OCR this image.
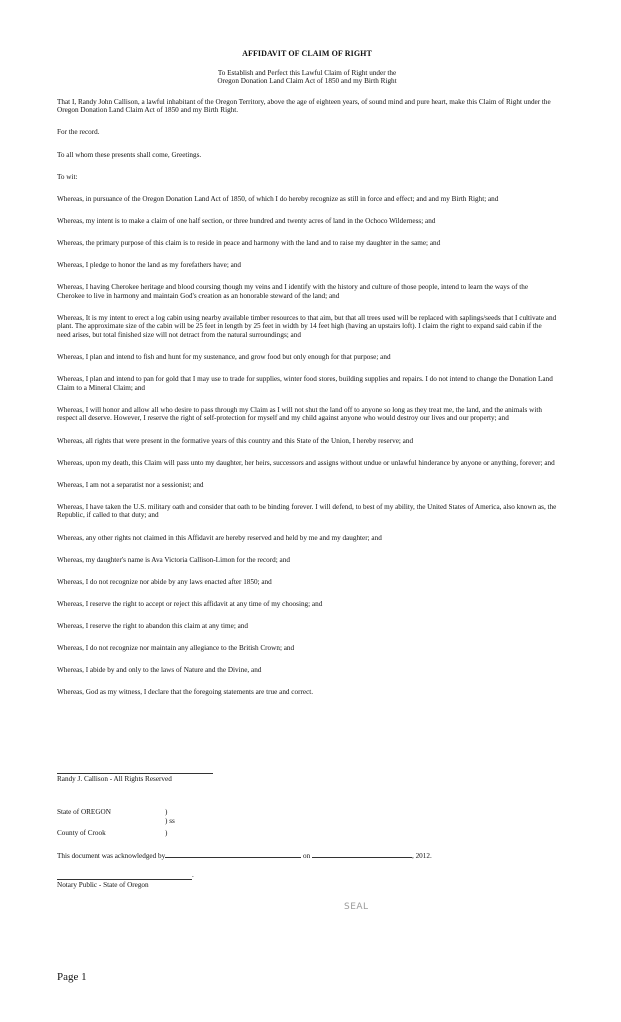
AFFIDAVIT OF CLAIM OF RIGHT
To Establish and Perfect this Lawful Claim of Right under the
Oregon Donation Land Claim Act of 1850 and my Birth Right
That I, Randy John Callison, a lawful inhabitant of the Oregon Territory, above the age of eighteen years, of sound mind and pure heart, make this Claim of Right under the Oregon Donation Land Claim Act of 1850 and my Birth Right.
For the record.
To all whom these presents shall come, Greetings.
To wit:
Whereas, in pursuance of the Oregon Donation Land Act of 1850, of which I do hereby recognize as still in force and effect; and and my Birth Right; and
Whereas, my intent is to make a claim of one half section, or three hundred and twenty acres of land in the Ochoco Wilderness; and
Whereas, the primary purpose of this claim is to reside in peace and harmony with the land and to raise my daughter in the same; and
Whereas, I pledge to honor the land as my forefathers have; and
Whereas, I having Cherokee heritage and blood coursing though my veins and I identify with the history and culture of those people, intend to learn the ways of the Cherokee to live in harmony and maintain God's creation as an honorable steward of the land; and
Whereas, It is my intent to erect a log cabin using nearby available timber resources to that aim, but that all trees used will be replaced with saplings/seeds that I cultivate and plant. The approximate size of the cabin will be 25 feet in length by 25 feet in width by 14 feet high (having an upstairs loft). I claim the right to expand said cabin if the need arises, but total finished size will not detract from the natural surroundings; and
Whereas, I plan and intend to fish and hunt for my sustenance, and grow food but only enough for that purpose; and
Whereas, I plan and intend to pan for gold that I may use to trade for supplies, winter food stores, building supplies and repairs. I do not intend to change the Donation Land Claim to a Mineral Claim; and
Whereas, I will honor and allow all who desire to pass through my Claim as I will not shut the land off to anyone so long as they treat me, the land, and the animals with respect all deserve. However, I reserve the right of self-protection for myself and my child against anyone who would destroy our lives and our property; and
Whereas, all rights that were present in the formative years of this country and this State of the Union, I hereby reserve; and
Whereas, upon my death, this Claim will pass unto my daughter, her heirs, successors and assigns without undue or unlawful hinderance by anyone or anything, forever; and
Whereas, I am not a separatist nor a sessionist; and
Whereas, I have taken the U.S. military oath and consider that oath to be binding forever. I will defend, to best of my ability, the United States of America, also known as, the Republic, if called to that duty; and
Whereas, any other rights not claimed in this Affidavit are hereby reserved and held by me and my daughter; and
Whereas, my daughter's name is Ava Victoria Callison-Limon for the record; and
Whereas, I do not recognize nor abide by any laws enacted after 1850; and
Whereas, I reserve the right to accept or reject this affidavit at any time of my choosing; and
Whereas, I reserve the right to abandon this claim at any time; and
Whereas, I do not recognize nor maintain any allegiance to the British Crown; and
Whereas, I abide by and only to the laws of Nature and the Divine, and
Whereas, God as my witness, I declare that the foregoing statements are true and correct.
Randy J. Callison - All Rights Reserved
State of OREGON	)
) ss
County of Crook	)
This document was acknowledged by	on	, 2012.
.
Notary Public - State of Oregon
SEAL
Page 1
